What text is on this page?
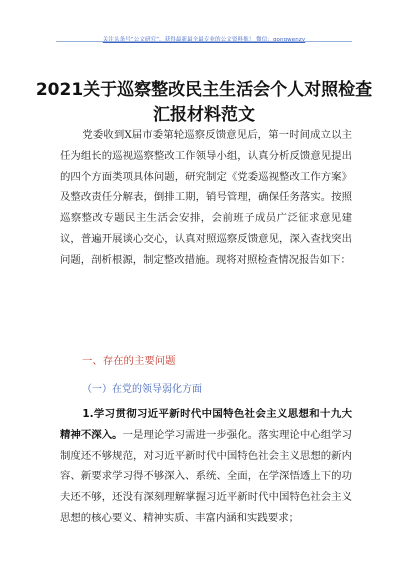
关注头条号“公文研究”，获得最新最全最专业的公文资料推！ 微信：gongwenzy
2021关于巡察整改民主生活会个人对照检查
汇报材料范文
党委收到X届市委第轮巡察反馈意见后，第一时间成立以主任为组长的巡视巡察整改工作领导小组，认真分析反馈意见提出的四个方面类项具体问题，研究制定《党委巡视整改工作方案》及整改责任分解表，倒排工期，销号管理，确保任务落实。按照巡察整改专题民主生活会安排，会前班子成员广泛征求意见建议，普遍开展谈心交心，认真对照巡察反馈意见，深入查找突出问题，剖析根源，制定整改措施。现将对照检查情况报告如下：
一、存在的主要问题
（一）在党的领导弱化方面
1.学习贯彻习近平新时代中国特色社会主义思想和十九大精神不深入。一是理论学习需进一步强化。落实理论中心组学习制度还不够规范，对习近平新时代中国特色社会主义思想的新内容、新要求学习得不够深入、系统、全面，在学深悟透上下的功夫还不够，还没有深刻理解掌握习近平新时代中国特色社会主义思想的核心要义、精神实质、丰富内涵和实践要求；
